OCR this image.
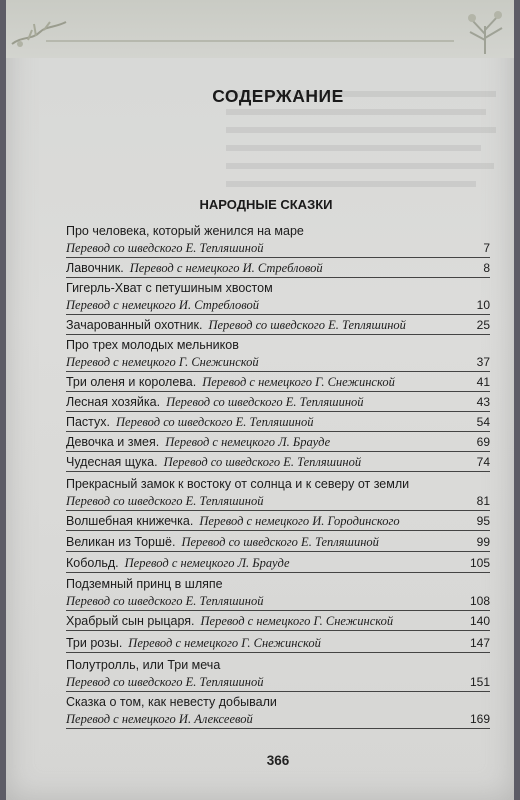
СОДЕРЖАНИЕ
НАРОДНЫЕ СКАЗКИ
Про человека, который женился на маре
Перевод со шведского Е. Тепляшиной	7
Лавочник. Перевод с немецкого И. Стребловой	8
Гигерль-Хват с петушиным хвостом
Перевод с немецкого И. Стребловой	10
Зачарованный охотник. Перевод со шведского Е. Тепляшиной	25
Про трех молодых мельников
Перевод с немецкого Г. Снежинской	37
Три оленя и королева. Перевод с немецкого Г. Снежинской	41
Лесная хозяйка. Перевод со шведского Е. Тепляшиной	43
Пастух. Перевод со шведского Е. Тепляшиной	54
Девочка и змея. Перевод с немецкого Л. Брауде	69
Чудесная щука. Перевод со шведского Е. Тепляшиной	74
Прекрасный замок к востоку от солнца и к северу от земли
Перевод со шведского Е. Тепляшиной	81
Волшебная книжечка. Перевод с немецкого И. Городинского	95
Великан из Торшё. Перевод со шведского Е. Тепляшиной	99
Кобольд. Перевод с немецкого Л. Брауде	105
Подземный принц в шляпе
Перевод со шведского Е. Тепляшиной	108
Храбрый сын рыцаря. Перевод с немецкого Г. Снежинской	140
Три розы. Перевод с немецкого Г. Снежинской	147
Полутролль, или Три меча
Перевод со шведского Е. Тепляшиной	151
Сказка о том, как невесту добывали
Перевод с немецкого И. Алексеевой	169
366
